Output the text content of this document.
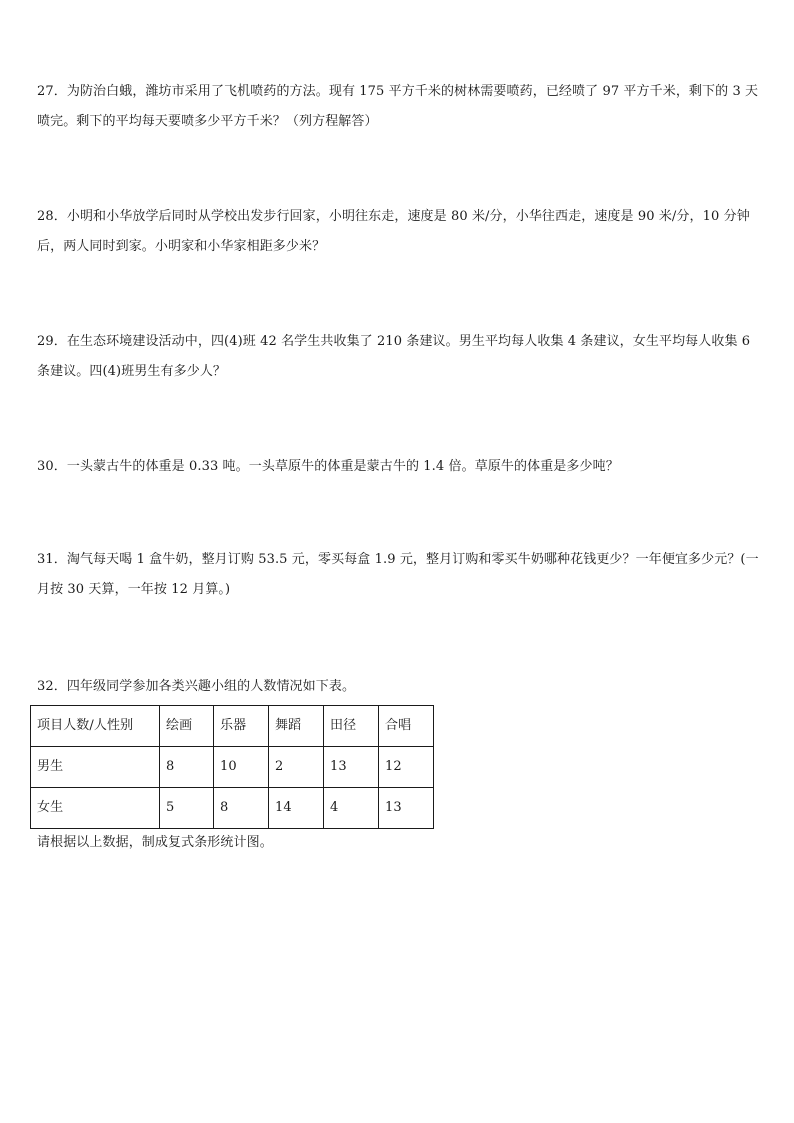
27．为防治白蛾，潍坊市采用了飞机喷药的方法。现有 175 平方千米的树林需要喷药，已经喷了 97 平方千米，剩下的 3 天喷完。剩下的平均每天要喷多少平方千米？（列方程解答）

28．小明和小华放学后同时从学校出发步行回家，小明往东走，速度是 80 米/分，小华往西走，速度是 90 米/分，10 分钟后，两人同时到家。小明家和小华家相距多少米？

29．在生态环境建设活动中，四(4)班 42 名学生共收集了 210 条建议。男生平均每人收集 4 条建议，女生平均每人收集 6 条建议。四(4)班男生有多少人？

30．一头蒙古牛的体重是 0.33 吨。一头草原牛的体重是蒙古牛的 1.4 倍。草原牛的体重是多少吨？

31．淘气每天喝 1 盒牛奶，整月订购 53.5 元，零买每盒 1.9 元，整月订购和零买牛奶哪种花钱更少？一年便宜多少元？(一月按 30 天算，一年按 12 月算。)

32．四年级同学参加各类兴趣小组的人数情况如下表。

项目人数/人性别	绘画	乐器	舞蹈	田径	合唱
男生	8	10	2	13	12
女生	5	8	14	4	13

请根据以上数据，制成复式条形统计图。
